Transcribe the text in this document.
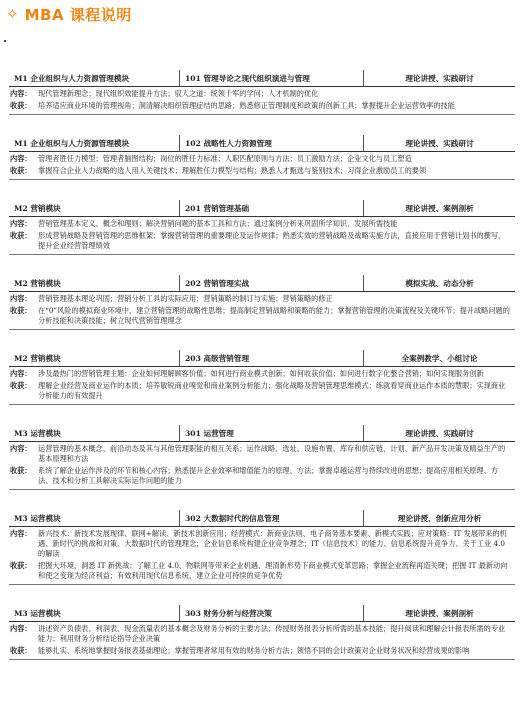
✧ MBA 课程说明
M1 企业组织与人力资源管理模块	101 管理导论之现代组织演进与管理	理论讲授、实践研讨
内容： 现代管理新理念；现代组织效能提升方法；驭人之道：统领千军的学问；人才机制的优化
收获： 培养适应商业环境的管理视角；洞清解决组织管理症结的思路；熟悉修正管理制度和政策的创新工具；掌握提升企业运营效率的技能
M1 企业组织与人力资源管理模块	102 战略性人力资源管理	理论讲授、实践研讨
内容： 管理者胜任力模型；管理者脑图结构；岗位的胜任力标准；人职匹配原则与方法；员工激励方法；企业文化与员工塑造
收获： 掌握符合企业人力战略的选人用人关键技术；理解胜任力模型与结构；熟悉人才甄选与鉴别技术；习得企业激励员工的要领
M2 营销模块	201 营销管理基础	理论讲授、案例剖析
内容： 营销管理基本定义、概念和理则；解决营销问题的基本工具和方法；通过案例分析来巩固所学知识、发展所需技能
收获： 形成营销战略及营销管理的思维框架；掌握营销管理的重要理论及运作规律；熟悉实效的营销战略及战略实施方法，直接应用于营销计划书的撰写，提升企业经营管理绩效
M2 营销模块	202 营销管理实战	模拟实战、动态分析
内容： 营销管理基本理论巩固；营销分析工具的实际应用；营销策略的制订与实施；营销策略的修正
收获： 在“0”风险的模拟商业环境中，建立营销管理的战略性思维；提高制定营销战略和策略的能力；掌握营销管理的决策流程及关键环节；提升战略问题的分析技能和决策技能；树立现代营销管理理念
M2 营销模块	203 高级营销管理	全案例教学、小组讨论
内容： 涉及最热门的营销管理主题：企业如何理解顾客价值；如何进行商业模式创新；如何收获价值；如何进行数字化整合营销；如何实现服务创新
收获： 理解企业经营及商业运作的本质；培养敏锐商业嗅觉和商业案例分析能力；强化战略及营销管理思维模式；练就看穿商业运作本质的慧眼；实现商业分析能力的有效提升
M3 运营模块	301 运营管理	理论讲授、实践研讨
内容： 运营管理的基本概念、前沿动态及其与其他管理职能的相互关系；运作战略、选址、设施布置、库存和供应链、计划、新产品开发决策及精益生产的基本原理和方法
收获： 系统了解企业运作涉及的环节和核心内容；熟悉提升企业效率和增值能力的原理、方法；掌握卓越运营与持续改进的思想；提高应用相关原理、方法、技术和分析工具解决实际运作问题的能力
M3 运营模块	302 大数据时代的信息管理	理论讲授、创新应用分析
内容： 新兴技术：新技术发展现律、联网+解读、新技术创新应用；经营模式：新商业法则、电子商务基本要素、新模式实践；应对策略：IT 发展带来的机遇、新时代的挑战和对策、大数据时代的管理理念；企业信息系统构建企业竞争理念；IT（信息技术）的能力、信息系统提升竞争力、关于工业 4.0 的解读
收获： 把握大环境，洞悉 IT 新挑战；了解工业 4.0、物联网等带来企业机遇，理清新形势下商业模式变革思路；掌握企业流程再造关键；把握 IT 最新动向和使之变现为经济利益；有效利用现代信息系统，建立企业可持续的竞争优势
M3 运营模块	303 财务分析与经营决策	理论讲授、案例剖析
内容： 讲述资产负债表、利润表、现金流量表的基本概念及财务分析的主要方法；传授财务报表分析所需的基本技能；提升阅读和理解会计报表所需的专业能力；利用财务分析结论指导企业决策
收获： 能够扎实、系统地掌握财务报表基础理论；掌握管理者常用有效的财务分析方法；领悟不同的会计政策对企业财务状况和经营成果的影响
